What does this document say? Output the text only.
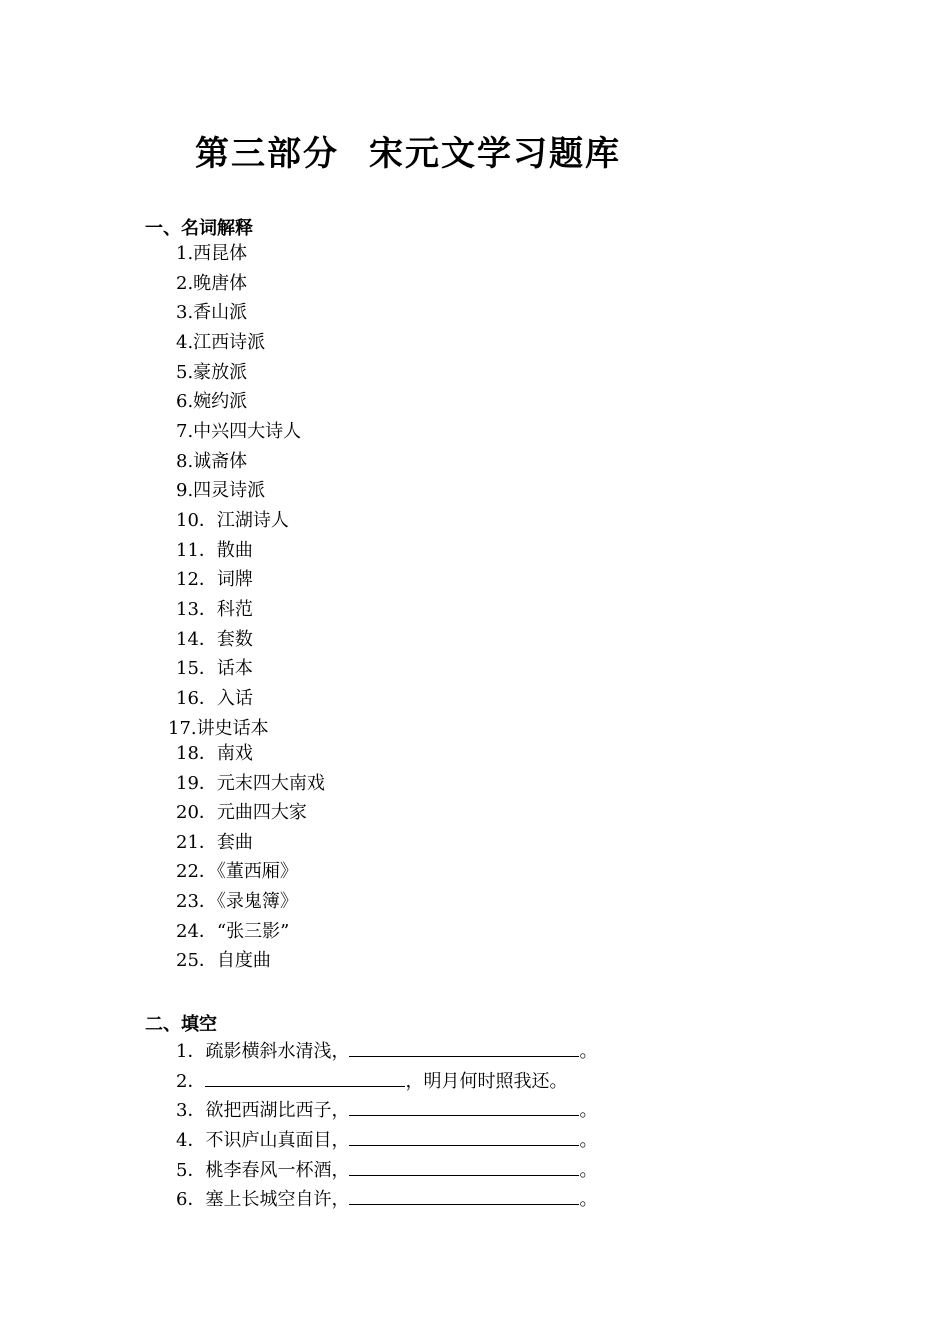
第三部分 宋元文学习题库
一、名词解释
1.西昆体
2.晚唐体
3.香山派
4.江西诗派
5.豪放派
6.婉约派
7.中兴四大诗人
8.诚斋体
9.四灵诗派
10．江湖诗人
11．散曲
12．词牌
13．科范
14．套数
15．话本
16．入话
17.讲史话本
18．南戏
19．元末四大南戏
20．元曲四大家
21．套曲
22．《董西厢》
23．《录鬼簿》
24．“张三影”
25．自度曲
二、填空
1．疏影横斜水清浅，	。
2．	，明月何时照我还。
3．欲把西湖比西子，	。
4．不识庐山真面目，	。
5．桃李春风一杯酒，	。
6．塞上长城空自许，	。
